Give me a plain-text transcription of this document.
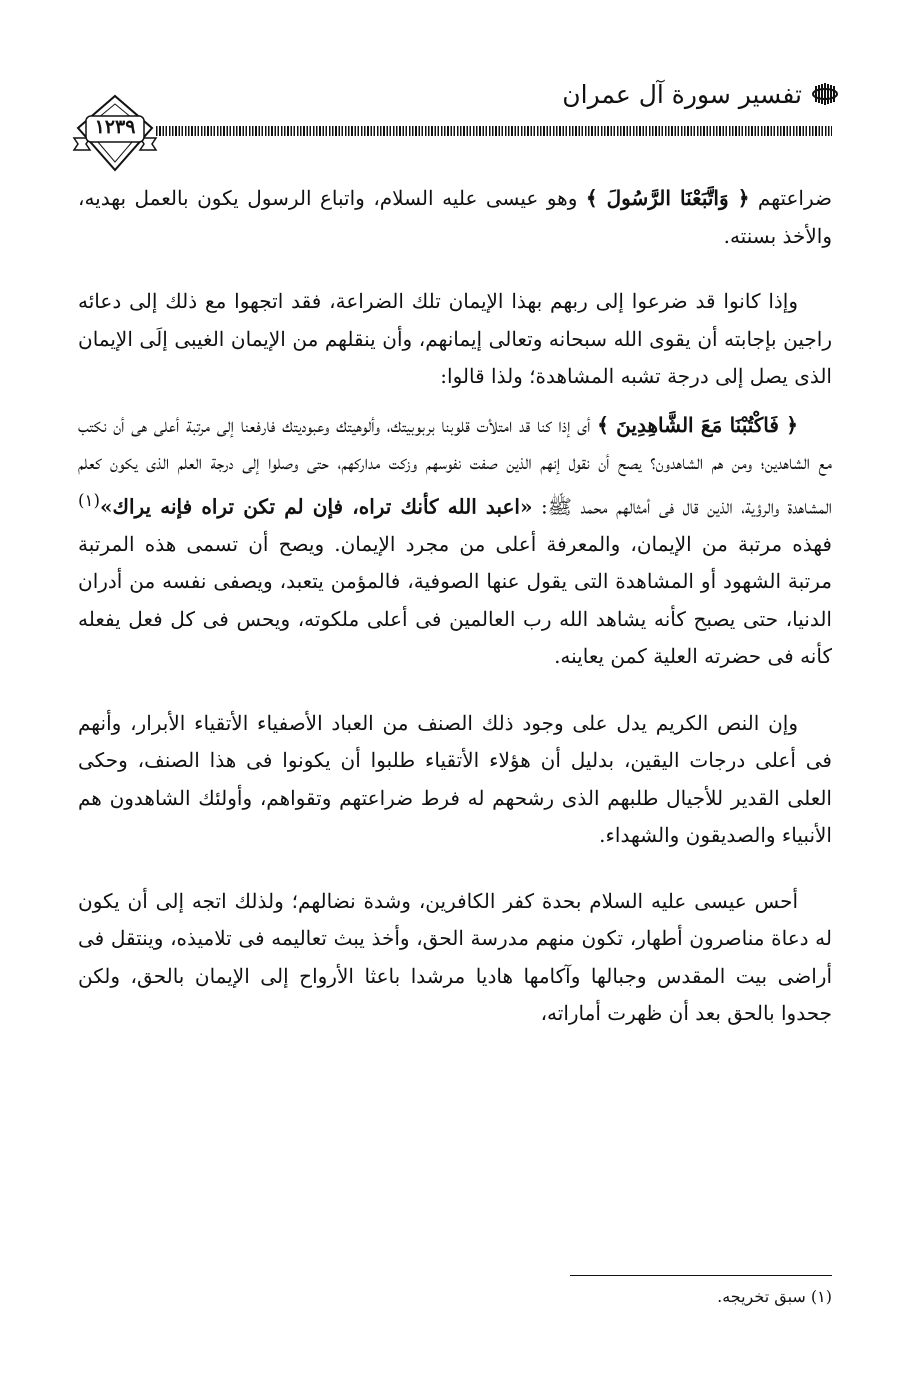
تفسير سورة آل عمران
١٢٣٩

ضراعتهم ﴿ وَاتَّبَعْنَا الرَّسُولَ ﴾ وهو عيسى عليه السلام، واتباع الرسول يكون بالعمل بهديه، والأخذ بسنته.

وإذا كانوا قد ضرعوا إلى ربهم بهذا الإيمان تلك الضراعة، فقد اتجهوا مع ذلك إلى دعائه راجين بإجابته أن يقوى الله سبحانه وتعالى إيمانهم، وأن ينقلهم من الإيمان الغيبى إلَى الإيمان الذى يصل إلى درجة تشبه المشاهدة؛ ولذا قالوا:

﴿ فَاكْتُبْنَا مَعَ الشَّاهِدِينَ ﴾ أى إذا كنا قد امتلأت قلوبنا بربوبيتك، وألوهيتك وعبوديتك فارفعنا إلى مرتبة أعلى هى أن نكتب مع الشاهدين؛ ومن هم الشاهدون؟ يصح أن نقول إنهم الذين صفت نفوسهم وزكت مداركهم، حتى وصلوا إلى درجة العلم الذى يكون كعلم المشاهدة والرؤية، الذين قال فى أمثالهم محمد ﷺ: «اعبد الله كأنك تراه، فإن لم تكن تراه فإنه يراك»$^{(١)}$ فهذه مرتبة من الإيمان، والمعرفة أعلى من مجرد الإيمان. ويصح أن تسمى هذه المرتبة مرتبة الشهود أو المشاهدة التى يقول عنها الصوفية، فالمؤمن يتعبد، ويصفى نفسه من أدران الدنيا، حتى يصبح كأنه يشاهد الله رب العالمين فى أعلى ملكوته، ويحس فى كل فعل يفعله كأنه فى حضرته العلية كمن يعاينه.

وإن النص الكريم يدل على وجود ذلك الصنف من العباد الأصفياء الأتقياء الأبرار، وأنهم فى أعلى درجات اليقين، بدليل أن هؤلاء الأتقياء طلبوا أن يكونوا فى هذا الصنف، وحكى العلى القدير للأجيال طلبهم الذى رشحهم له فرط ضراعتهم وتقواهم، وأولئك الشاهدون هم الأنبياء والصديقون والشهداء.

أحس عيسى عليه السلام بحدة كفر الكافرين، وشدة نضالهم؛ ولذلك اتجه إلى أن يكون له دعاة مناصرون أطهار، تكون منهم مدرسة الحق، وأخذ يبث تعاليمه فى تلاميذه، وينتقل فى أراضى بيت المقدس وجبالها وآكامها هاديا مرشدا باعثا الأرواح إلى الإيمان بالحق، ولكن جحدوا بالحق بعد أن ظهرت أماراته،

(١) سبق تخريجه.
